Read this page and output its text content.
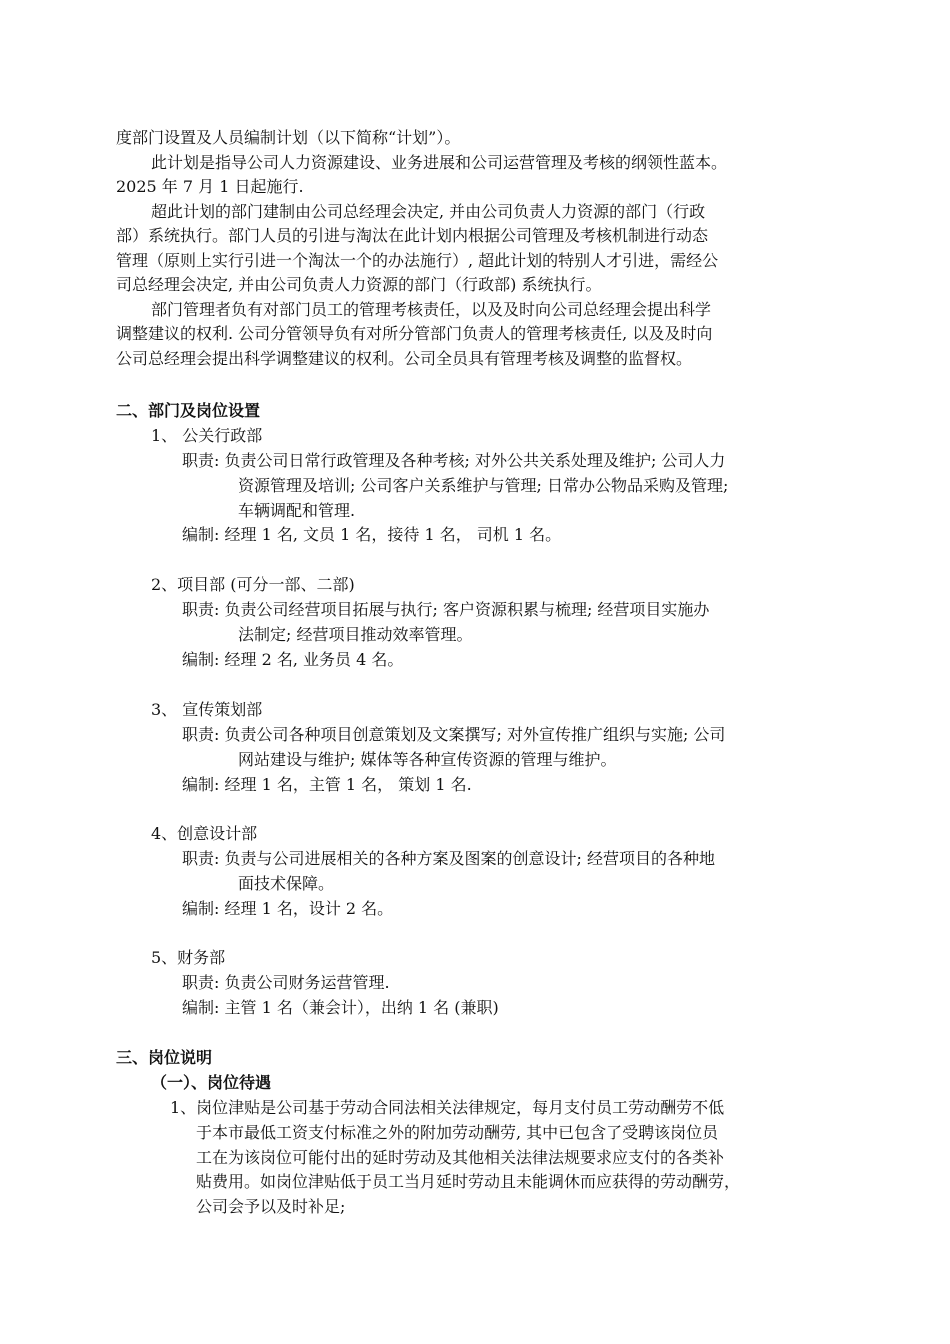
度部门设置及人员编制计划（以下简称“计划”）。
此计划是指导公司人力资源建设、业务进展和公司运营管理及考核的纲领性蓝本。
2025 年 7 月 1 日起施行.
超此计划的部门建制由公司总经理会决定, 并由公司负责人力资源的部门（行政
部）系统执行。部门人员的引进与淘汰在此计划内根据公司管理及考核机制进行动态
管理（原则上实行引进一个淘汰一个的办法施行）, 超此计划的特别人才引进，需经公
司总经理会决定, 并由公司负责人力资源的部门（行政部) 系统执行。
部门管理者负有对部门员工的管理考核责任，以及及时向公司总经理会提出科学
调整建议的权利. 公司分管领导负有对所分管部门负责人的管理考核责任, 以及及时向
公司总经理会提出科学调整建议的权利。公司全员具有管理考核及调整的监督权。
二、部门及岗位设置
1、 公关行政部
职责: 负责公司日常行政管理及各种考核; 对外公共关系处理及维护; 公司人力
资源管理及培训; 公司客户关系维护与管理; 日常办公物品采购及管理;
车辆调配和管理.
编制: 经理 1 名, 文员 1 名，接待 1 名， 司机 1 名。
2、项目部 (可分一部、二部)
职责: 负责公司经营项目拓展与执行; 客户资源积累与梳理; 经营项目实施办
法制定; 经营项目推动效率管理。
编制: 经理 2 名, 业务员 4 名。
3、 宣传策划部
职责: 负责公司各种项目创意策划及文案撰写; 对外宣传推广组织与实施; 公司
网站建设与维护; 媒体等各种宣传资源的管理与维护。
编制: 经理 1 名，主管 1 名， 策划 1 名.
4、创意设计部
职责: 负责与公司进展相关的各种方案及图案的创意设计; 经营项目的各种地
面技术保障。
编制: 经理 1 名，设计 2 名。
5、财务部
职责: 负责公司财务运营管理.
编制: 主管 1 名（兼会计），出纳 1 名 (兼职)
三、岗位说明
（一）、岗位待遇
1、岗位津贴是公司基于劳动合同法相关法律规定，每月支付员工劳动酬劳不低
于本市最低工资支付标准之外的附加劳动酬劳, 其中已包含了受聘该岗位员
工在为该岗位可能付出的延时劳动及其他相关法律法规要求应支付的各类补
贴费用。如岗位津贴低于员工当月延时劳动且未能调休而应获得的劳动酬劳，
公司会予以及时补足;
